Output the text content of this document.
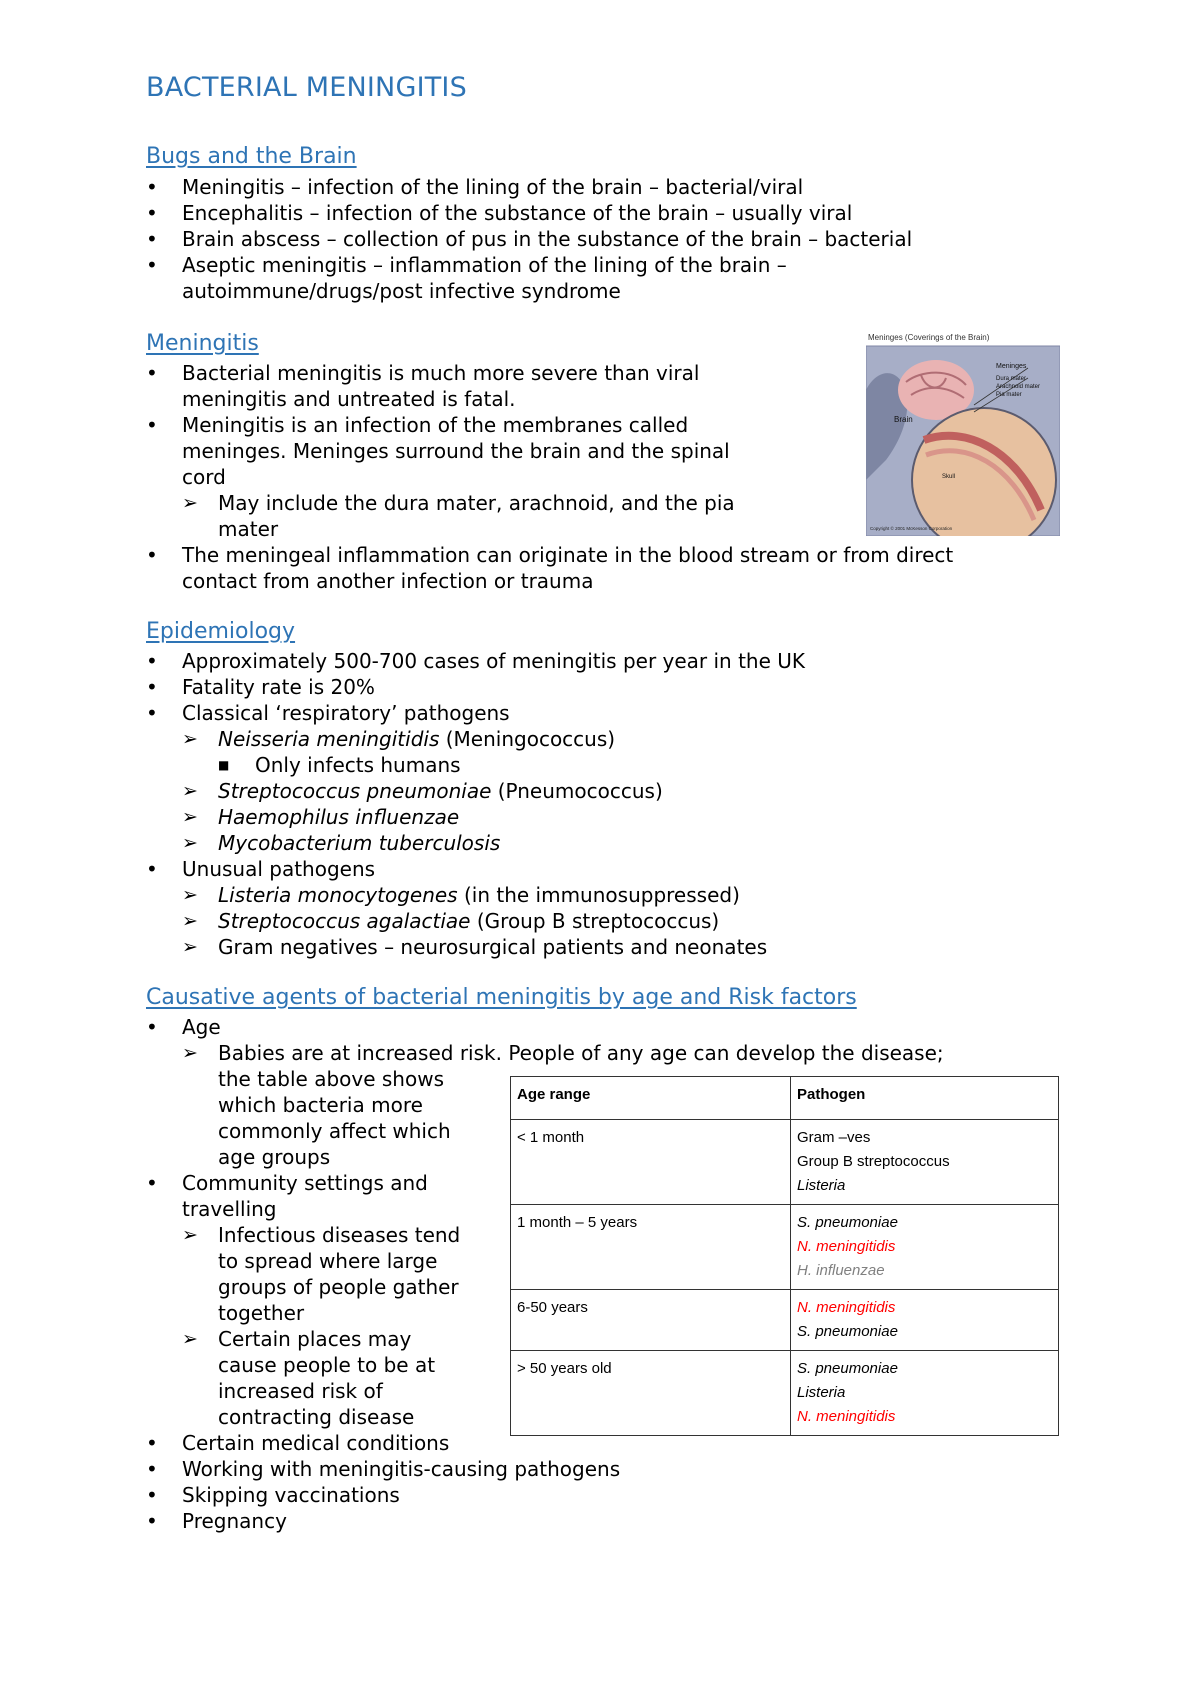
BACTERIAL MENINGITIS
Bugs and the Brain
• Meningitis – infection of the lining of the brain – bacterial/viral
• Encephalitis – infection of the substance of the brain – usually viral
• Brain abscess – collection of pus in the substance of the brain – bacterial
• Aseptic meningitis – inflammation of the lining of the brain –
autoimmune/drugs/post infective syndrome
Meningitis
• Bacterial meningitis is much more severe than viral
meningitis and untreated is fatal.
• Meningitis is an infection of the membranes called
meninges. Meninges surround the brain and the spinal
cord
➢ May include the dura mater, arachnoid, and the pia
mater
• The meningeal inflammation can originate in the blood stream or from direct
contact from another infection or trauma
Meninges (Coverings of the Brain)
Meninges
Dura mater
Arachnoid mater
Pia mater
Brain
Skull
Copyright © 2001 McKesson Corporation
Epidemiology
• Approximately 500-700 cases of meningitis per year in the UK
• Fatality rate is 20%
• Classical ‘respiratory’ pathogens
➢ Neisseria meningitidis (Meningococcus)
■ Only infects humans
➢ Streptococcus pneumoniae (Pneumococcus)
➢ Haemophilus influenzae
➢ Mycobacterium tuberculosis
• Unusual pathogens
➢ Listeria monocytogenes (in the immunosuppressed)
➢ Streptococcus agalactiae (Group B streptococcus)
➢ Gram negatives – neurosurgical patients and neonates
Causative agents of bacterial meningitis by age and Risk factors
• Age
➢ Babies are at increased risk. People of any age can develop the disease;
the table above shows
which bacteria more
commonly affect which
age groups
• Community settings and
travelling
➢ Infectious diseases tend
to spread where large
groups of people gather
together
➢ Certain places may
cause people to be at
increased risk of
contracting disease
• Certain medical conditions
• Working with meningitis-causing pathogens
• Skipping vaccinations
• Pregnancy
Age range	Pathogen
< 1 month	Gram –ves
Group B streptococcus
Listeria

1 month – 5 years	S. pneumoniae
N. meningitidis
H. influenzae

6-50 years	N. meningitidis
S. pneumoniae

> 50 years old	S. pneumoniae
Listeria
N. meningitidis
